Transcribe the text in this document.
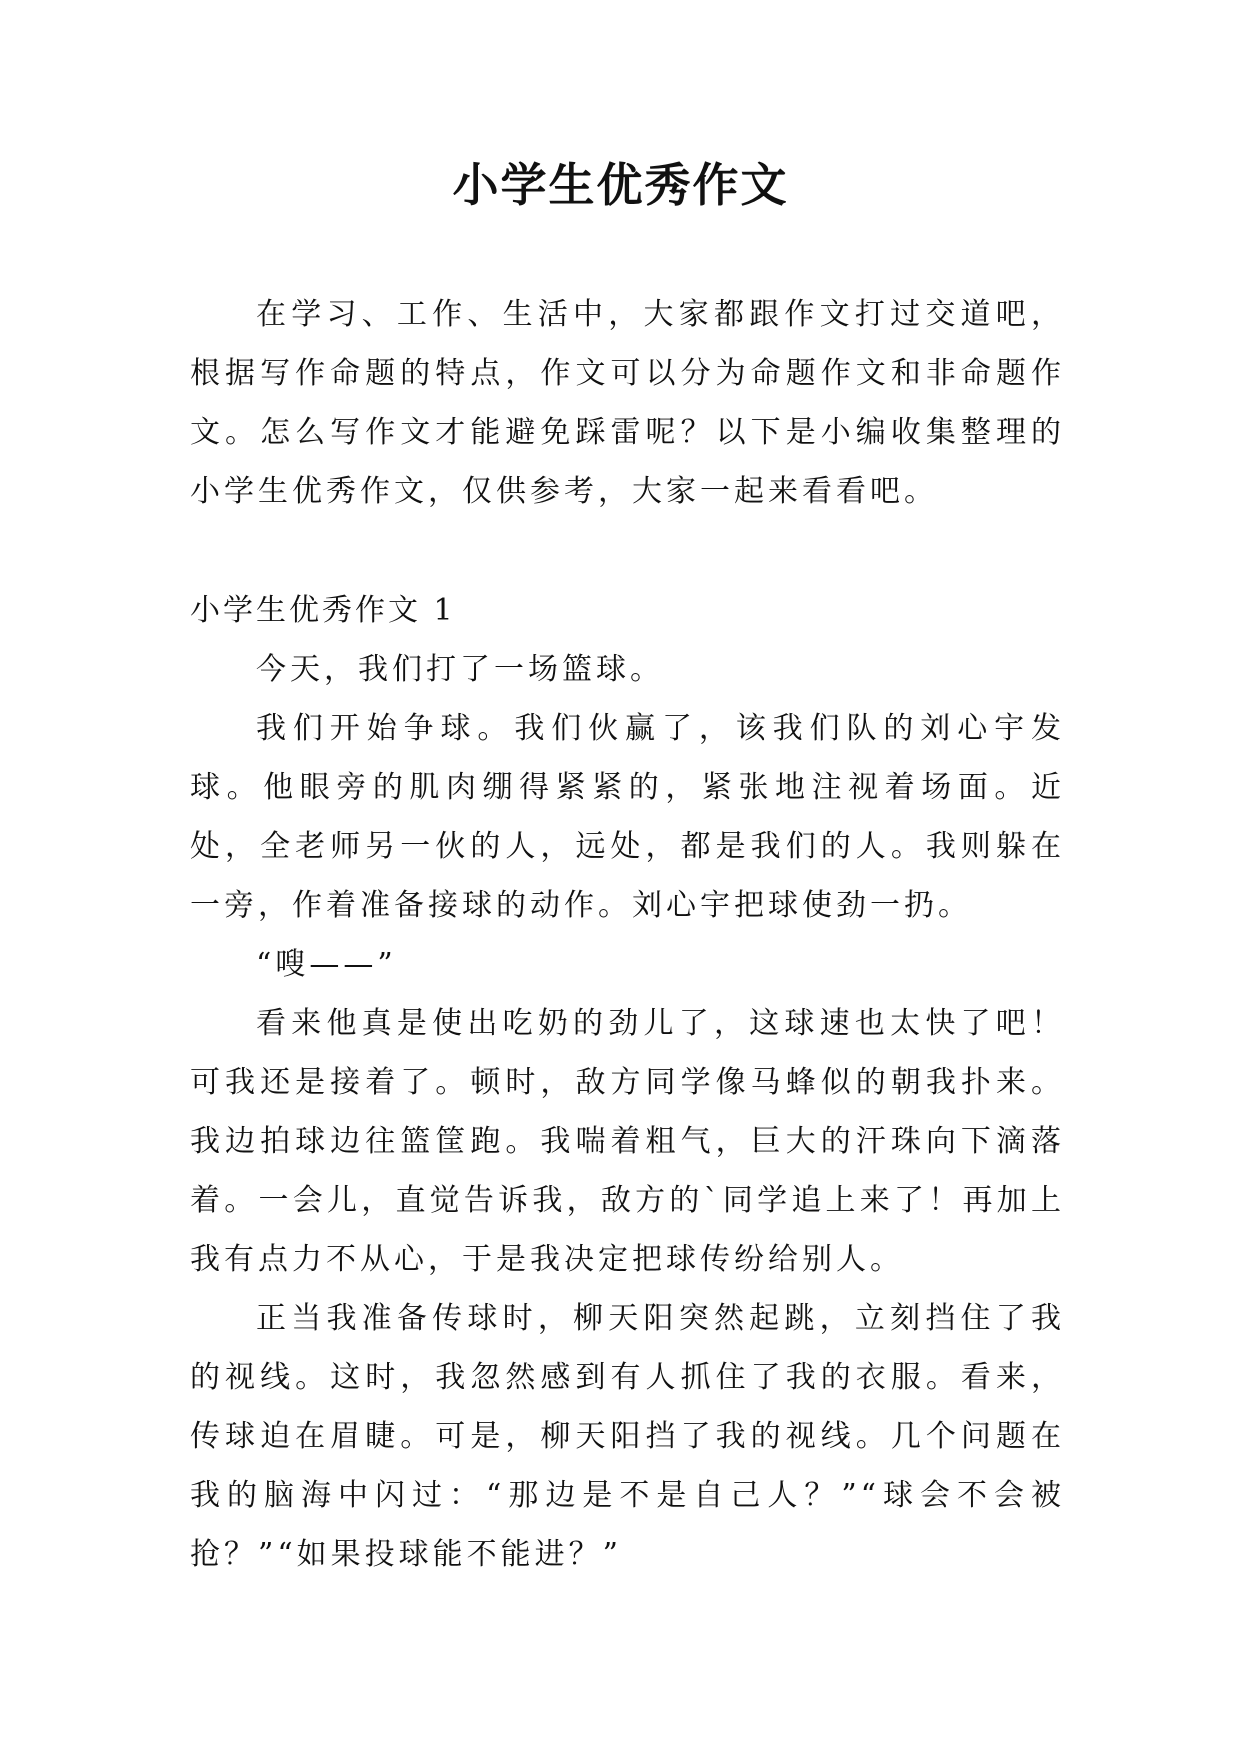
小学生优秀作文

在学习、工作、生活中，大家都跟作文打过交道吧，根据写作命题的特点，作文可以分为命题作文和非命题作文。怎么写作文才能避免踩雷呢？以下是小编收集整理的小学生优秀作文，仅供参考，大家一起来看看吧。

小学生优秀作文 1

今天，我们打了一场篮球。

我们开始争球。我们伙赢了，该我们队的刘心宇发球。他眼旁的肌肉绷得紧紧的，紧张地注视着场面。近处，全老师另一伙的人，远处，都是我们的人。我则躲在一旁，作着准备接球的动作。刘心宇把球使劲一扔。

“嗖——”

看来他真是使出吃奶的劲儿了，这球速也太快了吧！可我还是接着了。顿时，敌方同学像马蜂似的朝我扑来。我边拍球边往篮筐跑。我喘着粗气，巨大的汗珠向下滴落着。一会儿，直觉告诉我，敌方的`同学追上来了！再加上我有点力不从心，于是我决定把球传纷给别人。

正当我准备传球时，柳天阳突然起跳，立刻挡住了我的视线。这时，我忽然感到有人抓住了我的衣服。看来，传球迫在眉睫。可是，柳天阳挡了我的视线。几个问题在我的脑海中闪过：“那边是不是自己人？”“球会不会被抢？”“如果投球能不能进？”
